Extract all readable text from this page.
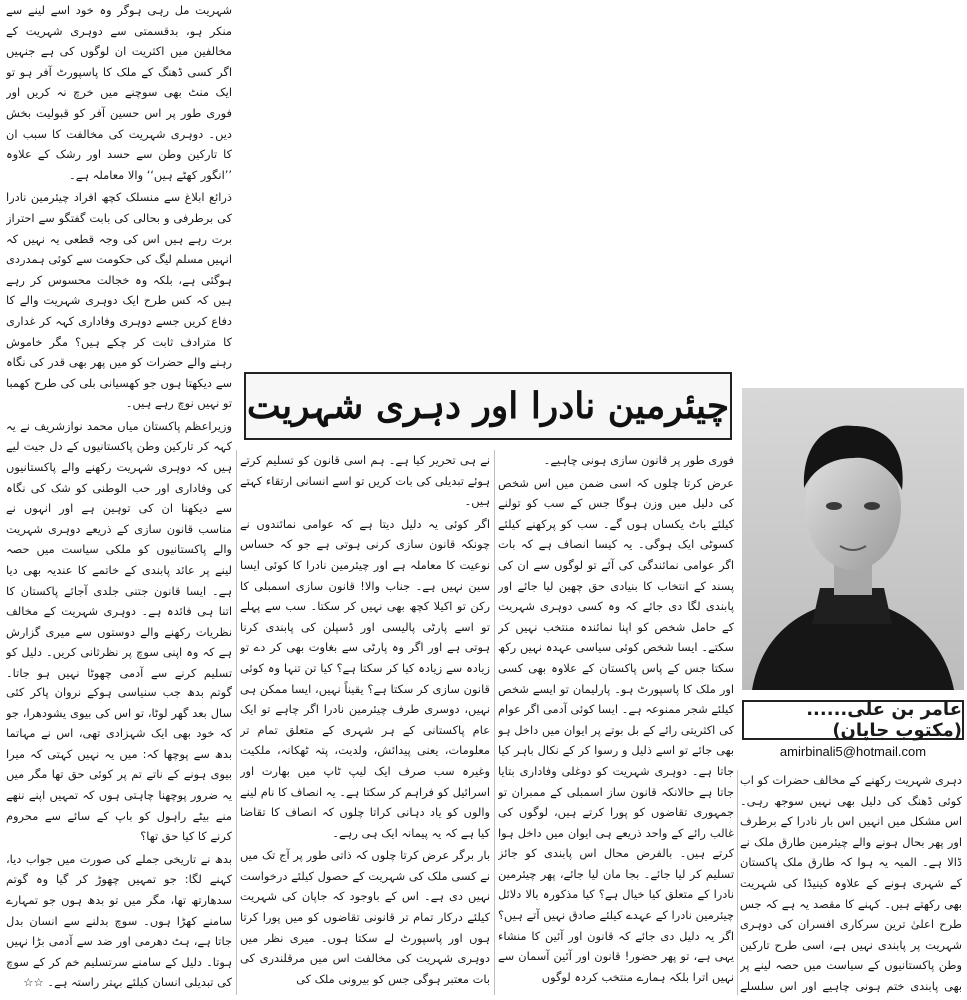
شہریت مل رہی ہوگر وہ خود اسے لینے سے منکر ہو، بدقسمتی سے دوہری شہریت کے مخالفین میں اکثریت ان لوگوں کی ہے جنہیں اگر کسی ڈھنگ کے ملک کا پاسپورٹ آفر ہو تو ایک منٹ بھی سوچنے میں خرچ نہ کریں اور فوری طور پر اس حسین آفر کو قبولیت بخش دیں۔ دوہری شہریت کی مخالفت کا سبب ان کا تارکین وطن سے حسد اور رشک کے علاوہ ’’انگور کھٹے ہیں‘‘ والا معاملہ ہے۔

ذرائع ابلاغ سے منسلک کچھ افراد چیئرمین نادرا کی برطرفی و بحالی کی بابت گفتگو سے احتراز برت رہے ہیں اس کی وجہ قطعی یہ نہیں کہ انہیں مسلم لیگ کی حکومت سے کوئی ہمدردی ہوگئی ہے، بلکہ وہ خجالت محسوس کر رہے ہیں کہ کس طرح ایک دوہری شہریت والے کا دفاع کریں جسے دوہری وفاداری کہہ کر غداری کا مترادف ثابت کر چکے ہیں؟ مگر خاموش رہنے والے حضرات کو میں پھر بھی قدر کی نگاہ سے دیکھتا ہوں جو کھسیانی بلی کی طرح کھمبا تو نہیں نوچ رہے ہیں۔

وزیراعظم پاکستان میاں محمد نوازشریف نے یہ کہہ کر تارکین وطن پاکستانیوں کے دل جیت لیے ہیں کہ دوہری شہریت رکھنے والے پاکستانیوں کی وفاداری اور حب الوطنی کو شک کی نگاہ سے دیکھنا ان کی توہین ہے اور انہوں نے مناسب قانون سازی کے ذریعے دوہری شہریت والے پاکستانیوں کو ملکی سیاست میں حصہ لینے پر عائد پابندی کے خاتمے کا عندیہ بھی دیا ہے۔ ایسا قانون جتنی جلدی آجائے پاکستان کا اتنا ہی فائدہ ہے۔ دوہری شہریت کے مخالف نظریات رکھنے والے دوستوں سے میری گزارش ہے کہ وہ اپنی سوچ پر نظرثانی کریں۔ دلیل کو تسلیم کرنے سے آدمی چھوٹا نہیں ہو جاتا۔

گوتم بدھ جب سنیاسی ہوکے نروان پاکر کئی سال بعد گھر لوٹا، تو اس کی بیوی یشودھرا، جو کہ خود بھی ایک شہزادی تھی، اس نے مہاتما بدھ سے پوچھا کہ: میں یہ نہیں کہتی کہ میرا بیوی ہونے کے ناتے تم پر کوئی حق تھا مگر میں یہ ضرور پوچھنا چاہتی ہوں کہ تمہیں اپنے ننھے منے بیٹے راہول کو باپ کے سائے سے محروم کرنے کا کیا حق تھا؟

بدھ نے تاریخی جملے کی صورت میں جواب دیا، کہنے لگا: جو تمہیں چھوڑ کر گیا وہ گوتم سدھارتھ تھا، مگر میں تو بدھ ہوں جو تمہارے سامنے کھڑا ہوں۔ سوچ بدلنے سے انسان بدل جاتا ہے، ہٹ دھرمی اور ضد سے آدمی بڑا نہیں ہوتا۔ دلیل کے سامنے سرتسلیم خم کر کے سوچ کی تبدیلی انسان کیلئے بہتر راستہ ہے۔ ☆☆

چیئرمین نادرا اور دہری شہریت

نے ہی تحریر کیا ہے۔ ہم اسی قانون کو تسلیم کرتے ہوئے تبدیلی کی بات کریں تو اسے انسانی ارتقاء کہتے ہیں۔

اگر کوئی یہ دلیل دیتا ہے کہ عوامی نمائندوں نے چونکہ قانون سازی کرنی ہوتی ہے جو کہ حساس نوعیت کا معاملہ ہے اور چیئرمین نادرا کا کوئی ایسا سین نہیں ہے۔ جناب والا! قانون سازی اسمبلی کا رکن تو اکیلا کچھ بھی نہیں کر سکتا۔ سب سے پہلے تو اسے پارٹی پالیسی اور ڈسپلن کی پابندی کرنا ہوتی ہے اور اگر وہ پارٹی سے بغاوت بھی کر دے تو زیادہ سے زیادہ کیا کر سکتا ہے؟ کیا تن تنہا وہ کوئی قانون سازی کر سکتا ہے؟ یقیناً نہیں، ایسا ممکن ہی نہیں، دوسری طرف چیئرمین نادرا اگر چاہے تو ایک عام پاکستانی کے ہر شہری کے متعلق تمام تر معلومات، یعنی پیدائش، ولدیت، پتہ ٹھکانہ، ملکیت وغیرہ سب صرف ایک لیپ ٹاپ میں بھارت اور اسرائیل کو فراہم کر سکتا ہے۔ یہ انصاف کا نام لینے والوں کو یاد دہانی کراتا چلوں کہ انصاف کا تقاضا کیا ہے کہ یہ پیمانہ ایک ہی رہے۔

بار برگر عرض کرتا چلوں کہ ذاتی طور پر آج تک میں نے کسی ملک کی شہریت کے حصول کیلئے درخواست نہیں دی ہے۔ اس کے باوجود کہ جاپان کی شہریت کیلئے درکار تمام تر قانونی تقاضوں کو میں پورا کرتا ہوں اور پاسپورٹ لے سکتا ہوں۔ میری نظر میں دوہری شہریت کی مخالفت اس میں مرقلندری کی بات معتبر ہوگی جس کو بیرونی ملک کی

فوری طور پر قانون سازی ہونی چاہیے۔

عرض کرتا چلوں کہ اسی ضمن میں اس شخص کی دلیل میں وزن ہوگا جس کے سب کو تولنے کیلئے باٹ یکساں ہوں گے۔ سب کو پرکھنے کیلئے کسوٹی ایک ہوگی۔ یہ کیسا انصاف ہے کہ بات اگر عوامی نمائندگی کی آئے تو لوگوں سے ان کی پسند کے انتخاب کا بنیادی حق چھین لیا جائے اور پابندی لگا دی جائے کہ وہ کسی دوہری شہریت کے حامل شخص کو اپنا نمائندہ منتخب نہیں کر سکتے۔ ایسا شخص کوئی سیاسی عہدہ نہیں رکھ سکتا جس کے پاس پاکستان کے علاوہ بھی کسی اور ملک کا پاسپورٹ ہو۔ پارلیمان تو ایسے شخص کیلئے شجر ممنوعہ ہے۔ ایسا کوئی آدمی اگر عوام کی اکثریتی رائے کے بل بوتے پر ایوان میں داخل ہو بھی جائے تو اسے ذلیل و رسوا کر کے نکال باہر کیا جاتا ہے۔ دوہری شہریت کو دوغلی وفاداری بتایا جاتا ہے حالانکہ قانون ساز اسمبلی کے ممبران تو جمہوری تقاضوں کو پورا کرتے ہیں، لوگوں کی غالب رائے کے واحد ذریعے ہی ایوان میں داخل ہوا کرتے ہیں۔ بالفرض محال اس پابندی کو جائز تسلیم کر لیا جائے۔ بجا مان لیا جائے، پھر چیئرمین نادرا کے متعلق کیا خیال ہے؟ کیا مذکورہ بالا دلائل چیئرمین نادرا کے عہدے کیلئے صادق نہیں آتے ہیں؟ اگر یہ دلیل دی جائے کہ قانون اور آئین کا منشاء یہی ہے، تو پھر حضور! قانون اور آئین آسمان سے نہیں اترا بلکہ ہمارے منتخب کردہ لوگوں

عامر بن علی...... (مکتوب جاپان)
amirbinali5@hotmail.com

دہری شہریت رکھنے کے مخالف حضرات کو اب کوئی ڈھنگ کی دلیل بھی نہیں سوجھ رہی۔ اس مشکل میں انہیں اس بار نادرا کے برطرف اور پھر بحال ہونے والے چیئرمین طارق ملک نے ڈالا ہے۔ المیہ یہ ہوا کہ طارق ملک پاکستان کے شہری ہونے کے علاوہ کینیڈا کی شہریت بھی رکھتے ہیں۔ کہنے کا مقصد یہ ہے کہ جس طرح اعلیٰ ترین سرکاری افسران کی دوہری شہریت پر پابندی نہیں ہے، اسی طرح تارکین وطن پاکستانیوں کے سیاست میں حصہ لینے پر بھی پابندی ختم ہونی چاہیے اور اس سلسلے
